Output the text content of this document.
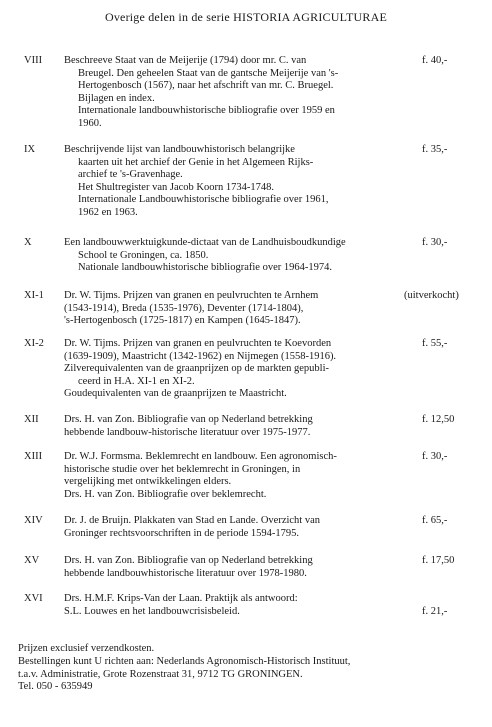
Overige delen in de serie HISTORIA AGRICULTURAE
VIII Beschreeve Staat van de Meijerije (1794) door mr. C. van
Breugel. Den geheelen Staat van de gantsche Meijerije van 's-
Hertogenbosch (1567), naar het afschrift van mr. C. Bruegel.
Bijlagen en index.
Internationale landbouwhistorische bibliografie over 1959 en
1960.
f. 40,-
IX	Beschrijvende lijst van landbouwhistorisch belangrijke
kaarten uit het archief der Genie in het Algemeen Rijks-
archief te 's-Gravenhage.
Het Shultregister van Jacob Koorn 1734-1748.
Internationale Landbouwhistorische bibliografie over 1961,
1962 en 1963.
f. 35,-
X	Een landbouwwerktuigkunde-dictaat van de Landhuisboudkundige
School te Groningen, ca. 1850.
Nationale landbouwhistorische bibliografie over 1964-1974.
f. 30,-
XI-1 Dr. W. Tijms. Prijzen van granen en peulvruchten te Arnhem
(1543-1914), Breda (1535-1976), Deventer (1714-1804),
's-Hertogenbosch (1725-1817) en Kampen (1645-1847).
(uitverkocht)
XI-2 Dr. W. Tijms. Prijzen van granen en peulvruchten te Koevorden
(1639-1909), Maastricht (1342-1962) en Nijmegen (1558-1916).
Zilverequivalenten van de graanprijzen op de markten gepubli-
ceerd in H.A. XI-1 en XI-2.
Goudequivalenten van de graanprijzen te Maastricht.
f. 55,-
XII Drs. H. van Zon. Bibliografie van op Nederland betrekking
hebbende landbouw-historische literatuur over 1975-1977.
f. 12,50
XIII Dr. W.J. Formsma. Beklemrecht en landbouw. Een agronomisch-
historische studie over het beklemrecht in Groningen, in
vergelijking met ontwikkelingen elders.
Drs. H. van Zon. Bibliografie over beklemrecht.
f. 30,-
XIV Dr. J. de Bruijn. Plakkaten van Stad en Lande. Overzicht van
Groninger rechtsvoorschriften in de periode 1594-1795.
f. 65,-
XV Drs. H. van Zon. Bibliografie van op Nederland betrekking
hebbende landbouwhistorische literatuur over 1978-1980.
f. 17,50
XVI Drs. H.M.F. Krips-Van der Laan. Praktijk als antwoord:
S.L. Louwes en het landbouwcrisisbeleid.	f. 21,-
Prijzen exclusief verzendkosten.
Bestellingen kunt U richten aan: Nederlands Agronomisch-Historisch Instituut,
t.a.v. Administratie, Grote Rozenstraat 31, 9712 TG GRONINGEN.
Tel. 050 - 635949
